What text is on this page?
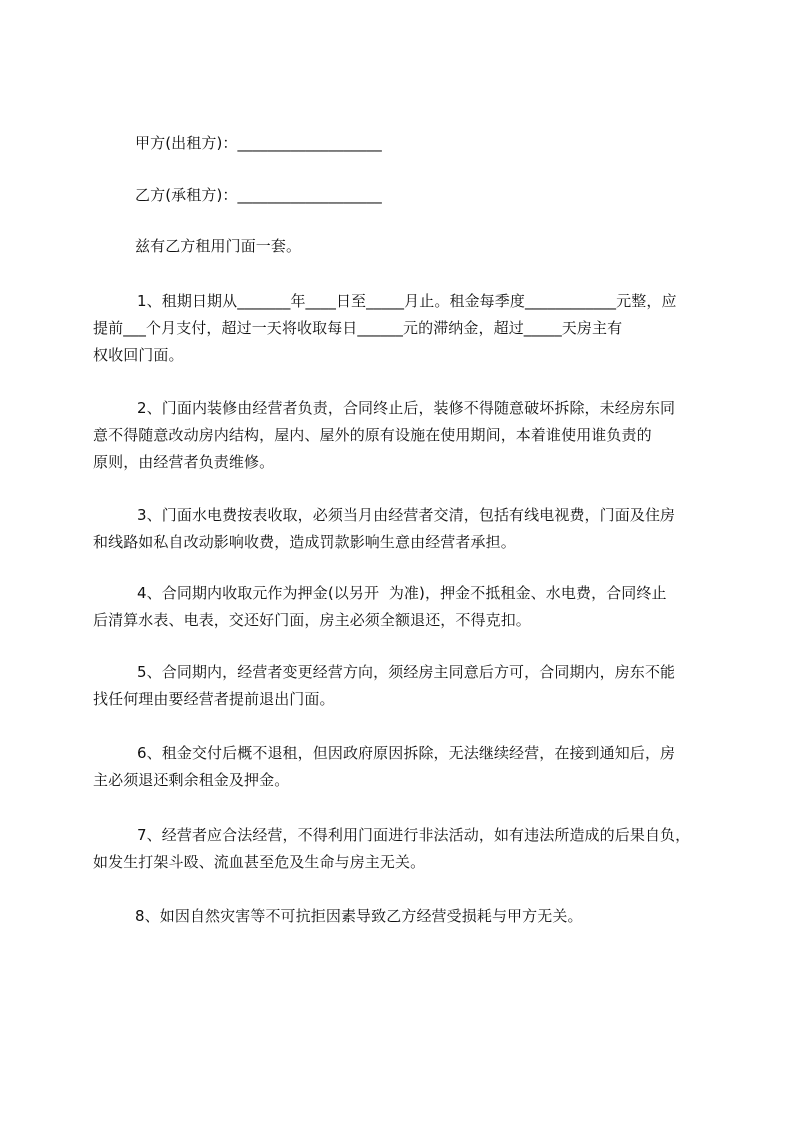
甲方(出租方)：___________________
乙方(承租方)：___________________
兹有乙方租用门面一套。
1、租期日期从_______年____日至_____月止。租金每季度____________元整，应
提前___个月支付，超过一天将收取每日______元的滞纳金，超过_____天房主有
权收回门面。
2、门面内装修由经营者负责，合同终止后，装修不得随意破坏拆除，未经房东同
意不得随意改动房内结构，屋内、屋外的原有设施在使用期间，本着谁使用谁负责的
原则，由经营者负责维修。
3、门面水电费按表收取，必须当月由经营者交清，包括有线电视费，门面及住房
和线路如私自改动影响收费，造成罚款影响生意由经营者承担。
4、合同期内收取元作为押金(以另开  为准)，押金不抵租金、水电费，合同终止
后清算水表、电表，交还好门面，房主必须全额退还，不得克扣。
5、合同期内，经营者变更经营方向，须经房主同意后方可，合同期内，房东不能
找任何理由要经营者提前退出门面。
6、租金交付后概不退租，但因政府原因拆除，无法继续经营，在接到通知后，房
主必须退还剩余租金及押金。
7、经营者应合法经营，不得利用门面进行非法活动，如有违法所造成的后果自负，
如发生打架斗殴、流血甚至危及生命与房主无关。
8、如因自然灾害等不可抗拒因素导致乙方经营受损耗与甲方无关。
